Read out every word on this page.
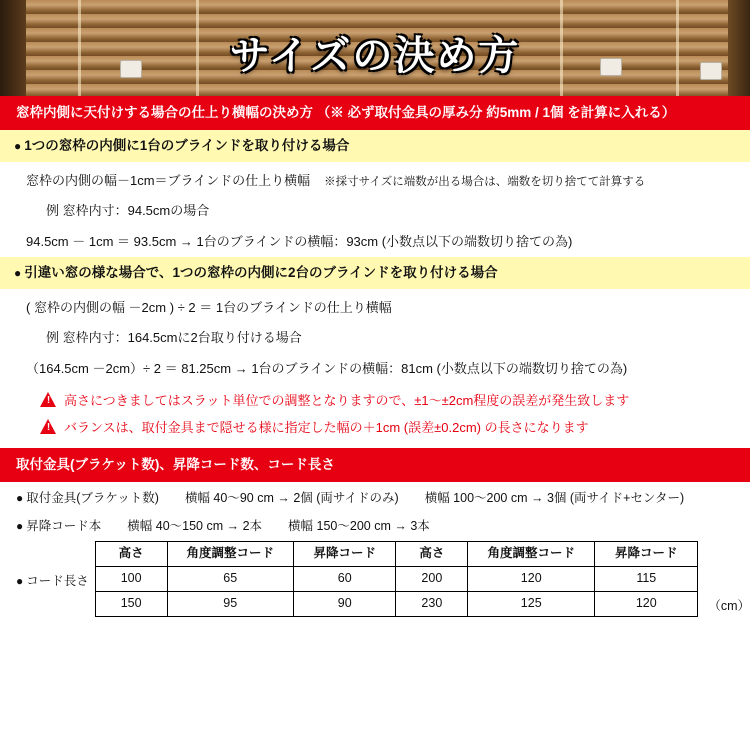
サイズの決め方
窓枠内側に天付けする場合の仕上り横幅の決め方 （※ 必ず取付金具の厚み分 約5mm / 1個 を計算に入れる）
● 1つの窓枠の内側に1台のブラインドを取り付ける場合
窓枠の内側の幅－1cm＝ブラインドの仕上り横幅 ※採寸サイズに端数が出る場合は、端数を切り捨てて計算する
例 窓枠内寸：94.5cmの場合
94.5cm － 1cm ＝ 93.5cm → 1台のブラインドの横幅：93cm (小数点以下の端数切り捨ての為)
● 引違い窓の様な場合で、1つの窓枠の内側に2台のブラインドを取り付ける場合
( 窓枠の内側の幅 －2cm ) ÷ 2 ＝ 1台のブラインドの仕上り横幅
例 窓枠内寸：164.5cmに2台取り付ける場合
（164.5cm －2cm）÷ 2 ＝ 81.25cm → 1台のブラインドの横幅：81cm (小数点以下の端数切り捨ての為)
!
高さにつきましてはスラット単位での調整となりますので、±1～±2cm程度の誤差が発生致します
!
バランスは、取付金具まで隠せる様に指定した幅の＋1cm (誤差±0.2cm) の長さになります
取付金具(ブラケット数)、昇降コード数、コード長さ
● 取付金具(ブラケット数) 横幅 40～90 cm → 2個 (両サイドのみ) 横幅 100～200 cm → 3個 (両サイド+センター)
● 昇降コード本 横幅 40～150 cm → 2本 横幅 150～200 cm → 3本
● コード長さ
高さ	角度調整コード	昇降コード	高さ	角度調整コード	昇降コード
100	65	60	200	120	115
150	95	90	230	125	120	（cm）
